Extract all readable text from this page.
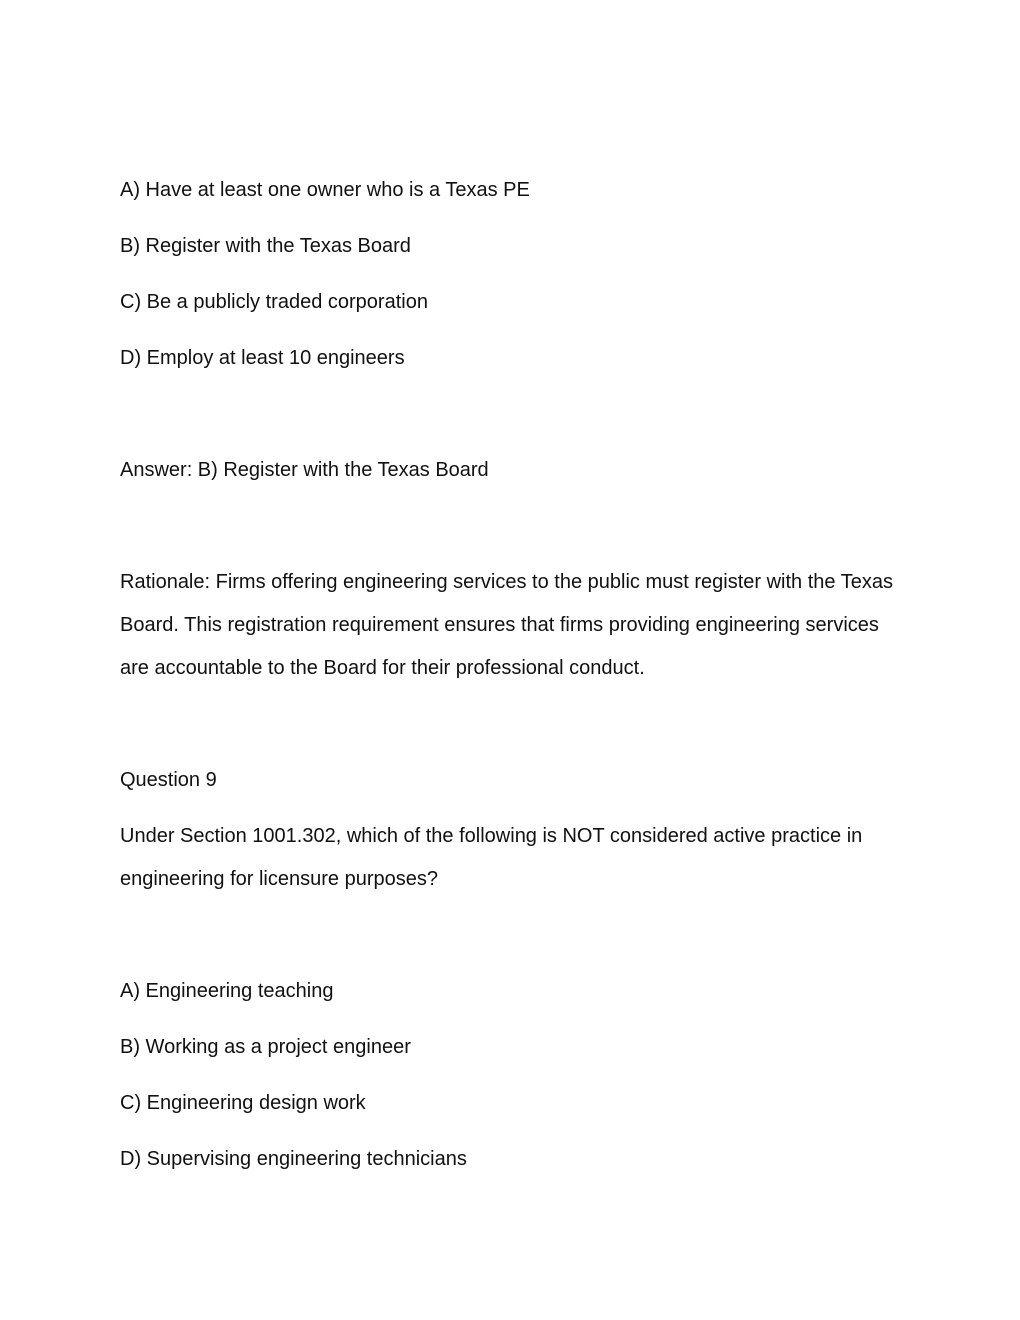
A) Have at least one owner who is a Texas PE

B) Register with the Texas Board

C) Be a publicly traded corporation

D) Employ at least 10 engineers

Answer: B) Register with the Texas Board

Rationale: Firms offering engineering services to the public must register with the Texas Board. This registration requirement ensures that firms providing engineering services are accountable to the Board for their professional conduct.

Question 9

Under Section 1001.302, which of the following is NOT considered active practice in engineering for licensure purposes?

A) Engineering teaching

B) Working as a project engineer

C) Engineering design work

D) Supervising engineering technicians
